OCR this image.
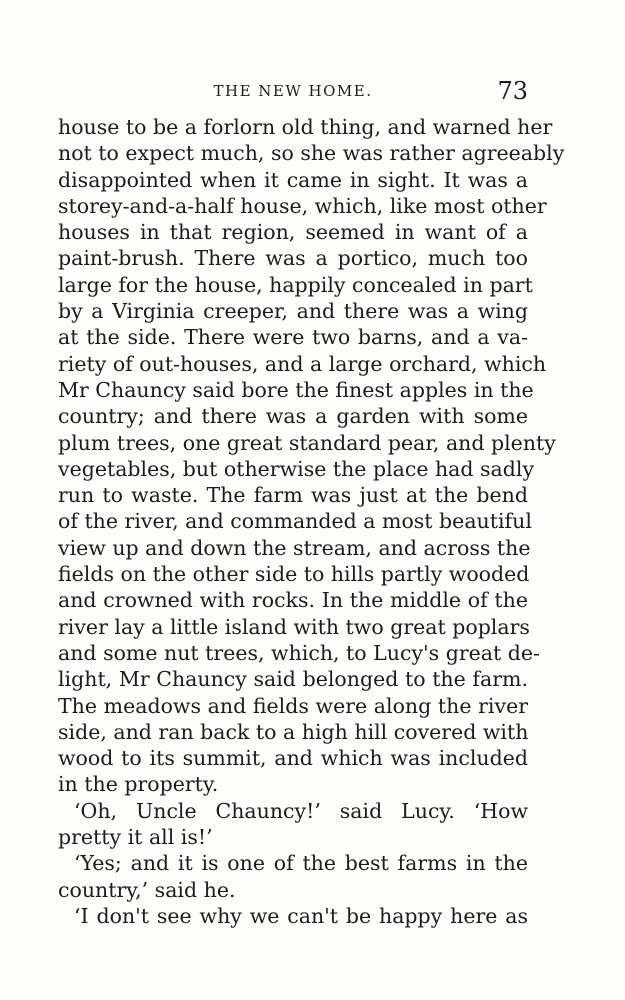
THE NEW HOME.	73
house to be a forlorn old thing, and warned her
not to expect much, so she was rather agreeably
disappointed when it came in sight. It was a
storey-and-a-half house, which, like most other
houses in that region, seemed in want of a
paint-brush. There was a portico, much too
large for the house, happily concealed in part
by a Virginia creeper, and there was a wing
at the side. There were two barns, and a va-
riety of out-houses, and a large orchard, which
Mr Chauncy said bore the finest apples in the
country; and there was a garden with some
plum trees, one great standard pear, and plenty
vegetables, but otherwise the place had sadly
run to waste. The farm was just at the bend
of the river, and commanded a most beautiful
view up and down the stream, and across the
fields on the other side to hills partly wooded
and crowned with rocks. In the middle of the
river lay a little island with two great poplars
and some nut trees, which, to Lucy's great de-
light, Mr Chauncy said belonged to the farm.
The meadows and fields were along the river
side, and ran back to a high hill covered with
wood to its summit, and which was included
in the property.
‘Oh, Uncle Chauncy!’ said Lucy. ‘How
pretty it all is!’
‘Yes; and it is one of the best farms in the
country,’ said he.
‘I don't see why we can't be happy here as
